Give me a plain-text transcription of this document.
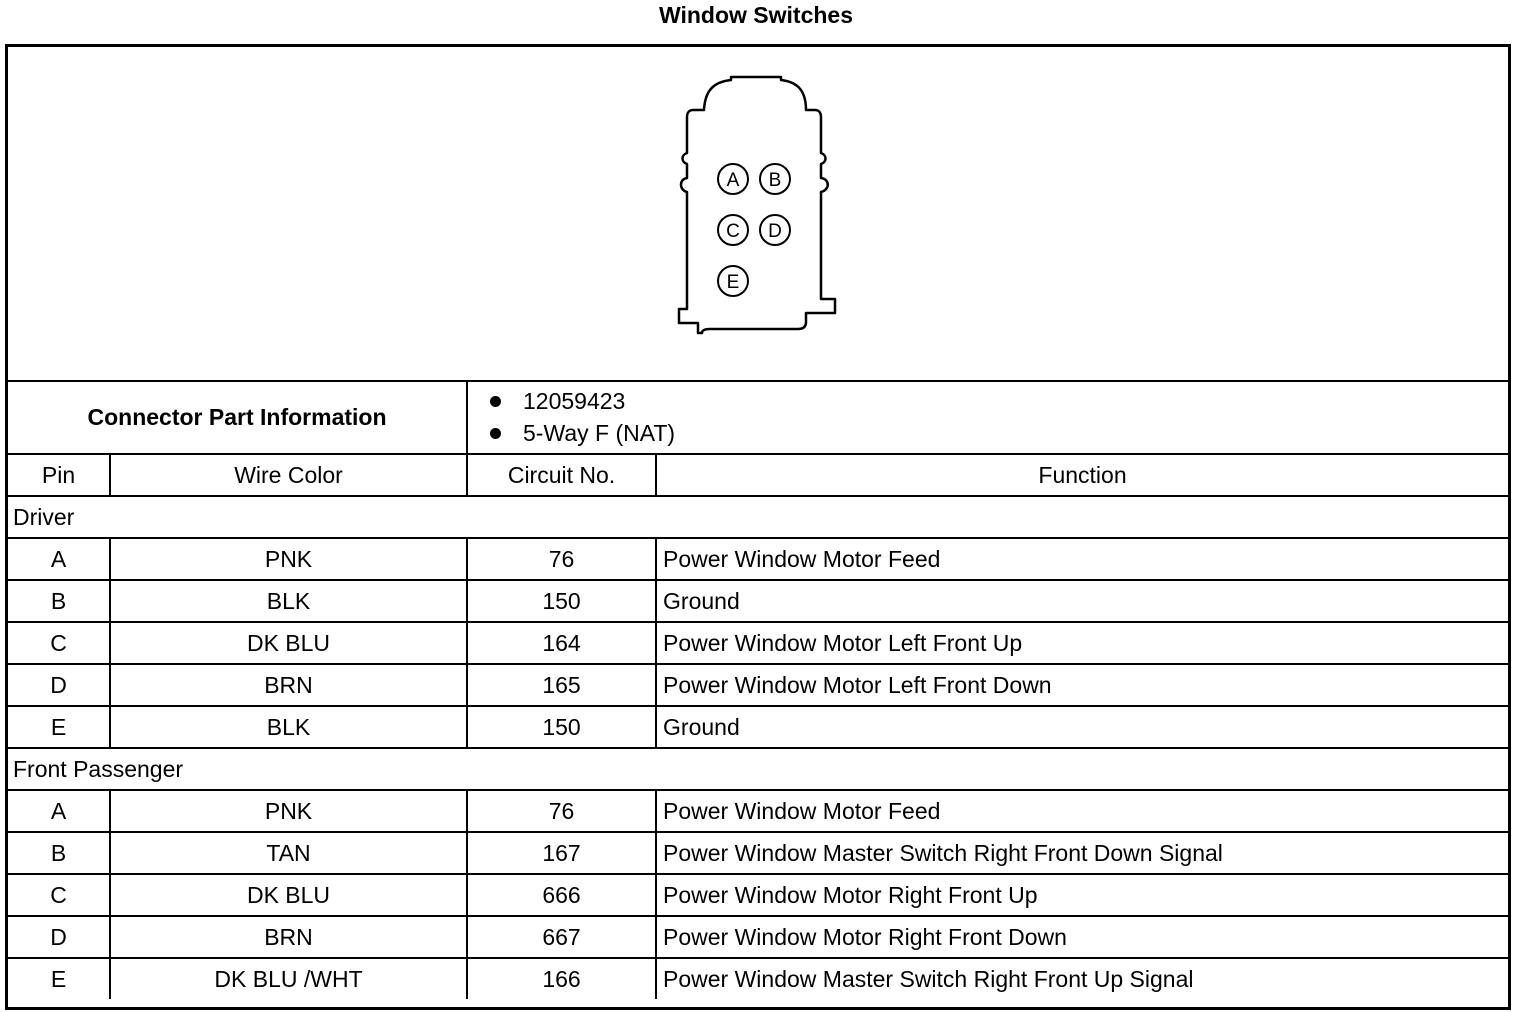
Window Switches
A B
C D
E
Connector Part Information		12059423
5-Way F (NAT)	

Pin	Wire Color	Circuit No.	Function
Driver			
A	PNK	76	Power Window Motor Feed
B	BLK	150	Ground
C	DK BLU	164	Power Window Motor Left Front Up
D	BRN	165	Power Window Motor Left Front Down
E	BLK	150	Ground
Front Passenger			
A	PNK	76	Power Window Motor Feed
B	TAN	167	Power Window Master Switch Right Front Down Signal
C	DK BLU	666	Power Window Motor Right Front Up
D	BRN	667	Power Window Motor Right Front Down
E	DK BLU /WHT	166	Power Window Master Switch Right Front Up Signal
